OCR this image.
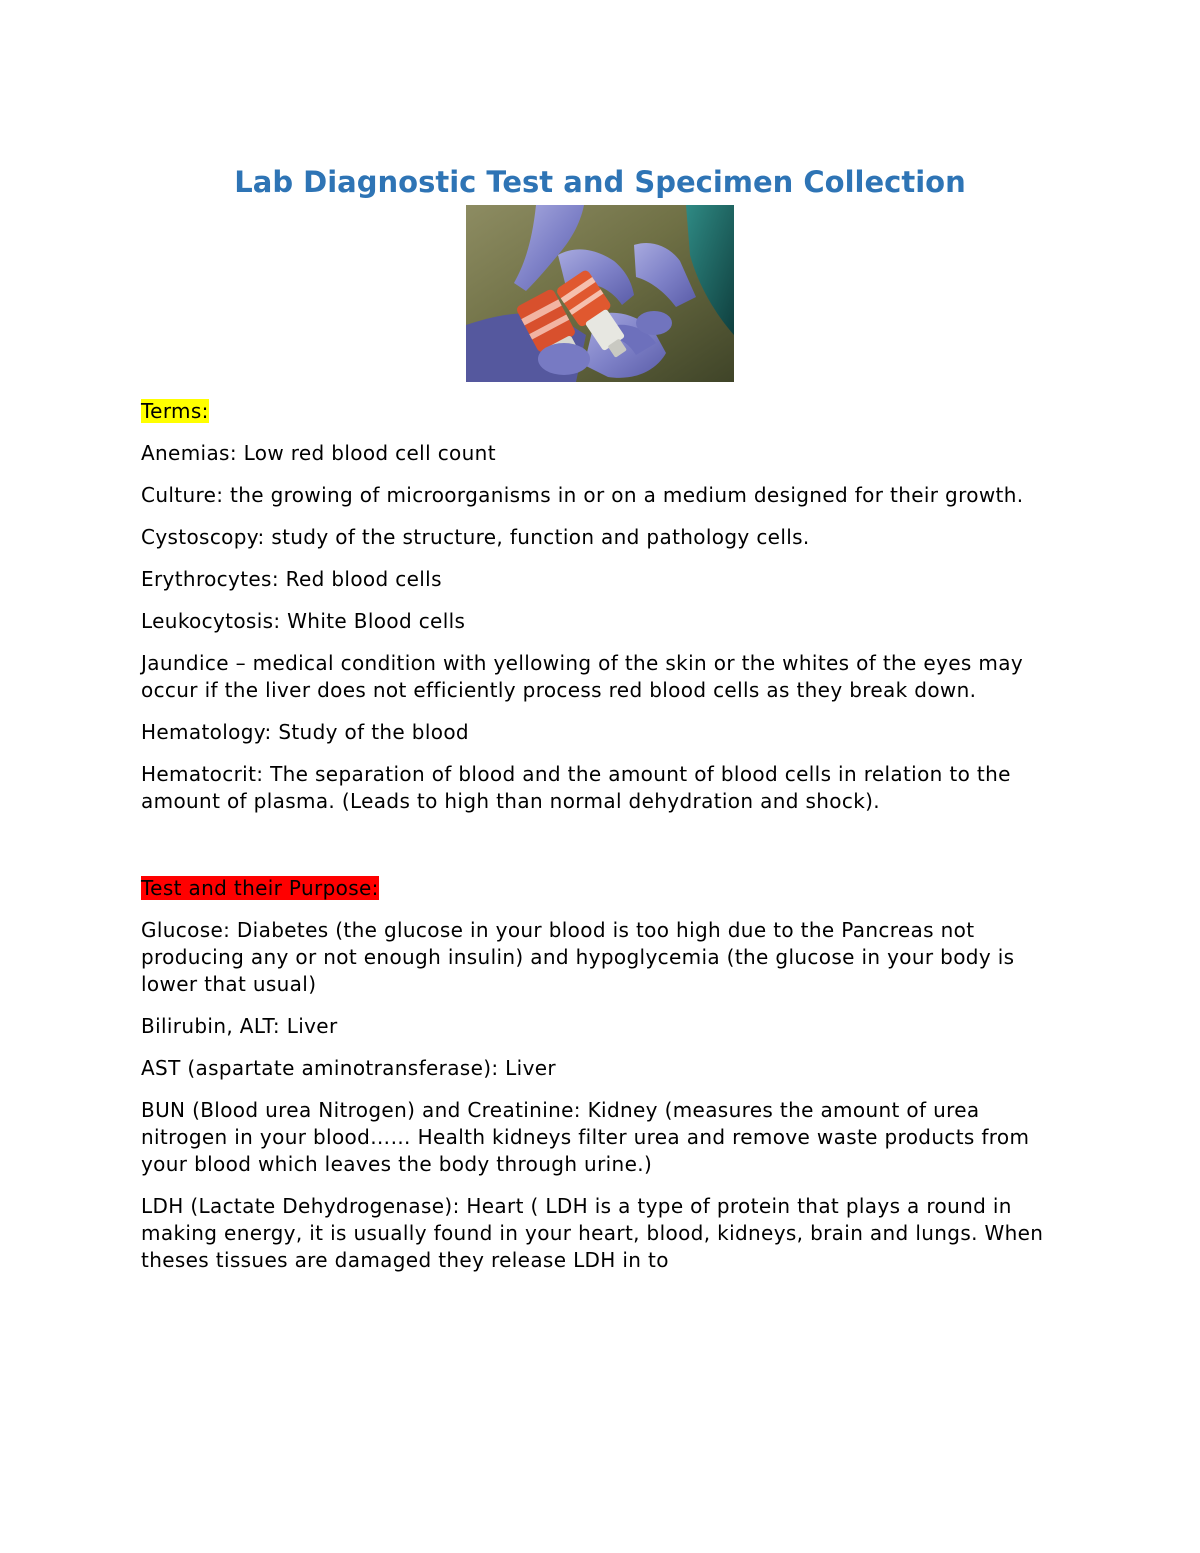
Lab Diagnostic Test and Specimen Collection

Terms:

Anemias: Low red blood cell count

Culture: the growing of microorganisms in or on a medium designed for their growth.

Cystoscopy: study of the structure, function and pathology cells.

Erythrocytes: Red blood cells

Leukocytosis: White Blood cells

Jaundice – medical condition with yellowing of the skin or the whites of the eyes may occur if the liver does not efficiently process red blood cells as they break down.

Hematology: Study of the blood

Hematocrit: The separation of blood and the amount of blood cells in relation to the amount of plasma. (Leads to high than normal dehydration and shock).

Test and their Purpose:

Glucose: Diabetes (the glucose in your blood is too high due to the Pancreas not producing any or not enough insulin) and hypoglycemia (the glucose in your body is lower that usual)

Bilirubin, ALT: Liver

AST (aspartate aminotransferase): Liver

BUN (Blood urea Nitrogen) and Creatinine: Kidney (measures the amount of urea nitrogen in your blood…… Health kidneys filter urea and remove waste products from your blood which leaves the body through urine.)

LDH (Lactate Dehydrogenase): Heart ( LDH is a type of protein that plays a round in making energy, it is usually found in your heart, blood, kidneys, brain and lungs. When theses tissues are damaged they release LDH in to
